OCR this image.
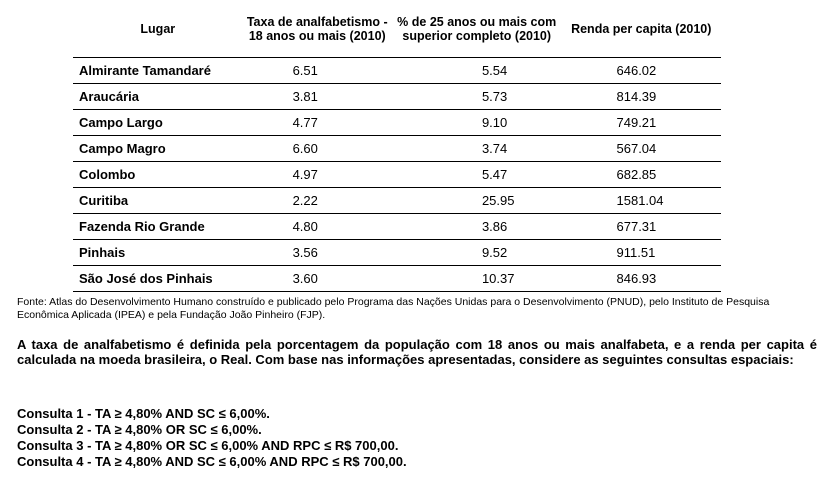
Lugar	Taxa de analfabetismo - 18 anos ou mais (2010)	% de 25 anos ou mais com superior completo (2010)	Renda per capita (2010)
Almirante Tamandaré	6.51	5.54	646.02
Araucária	3.81	5.73	814.39
Campo Largo	4.77	9.10	749.21
Campo Magro	6.60	3.74	567.04
Colombo	4.97	5.47	682.85
Curitiba	2.22	25.95	1581.04
Fazenda Rio Grande	4.80	3.86	677.31
Pinhais	3.56	9.52	911.51
São José dos Pinhais	3.60	10.37	846.93
Fonte: Atlas do Desenvolvimento Humano construído e publicado pelo Programa das Nações Unidas para o Desenvolvimento (PNUD), pelo Instituto de Pesquisa Econômica Aplicada (IPEA) e pela Fundação João Pinheiro (FJP).
A taxa de analfabetismo é definida pela porcentagem da população com 18 anos ou mais analfabeta, e a renda per capita é calculada na moeda brasileira, o Real. Com base nas informações apresentadas, considere as seguintes consultas espaciais:
Consulta 1 - TA ≥ 4,80% AND SC ≤ 6,00%.
Consulta 2 - TA ≥ 4,80% OR SC ≤ 6,00%.
Consulta 3 - TA ≥ 4,80% OR SC ≤ 6,00% AND RPC ≤ R$ 700,00.
Consulta 4 - TA ≥ 4,80% AND SC ≤ 6,00% AND RPC ≤ R$ 700,00.
